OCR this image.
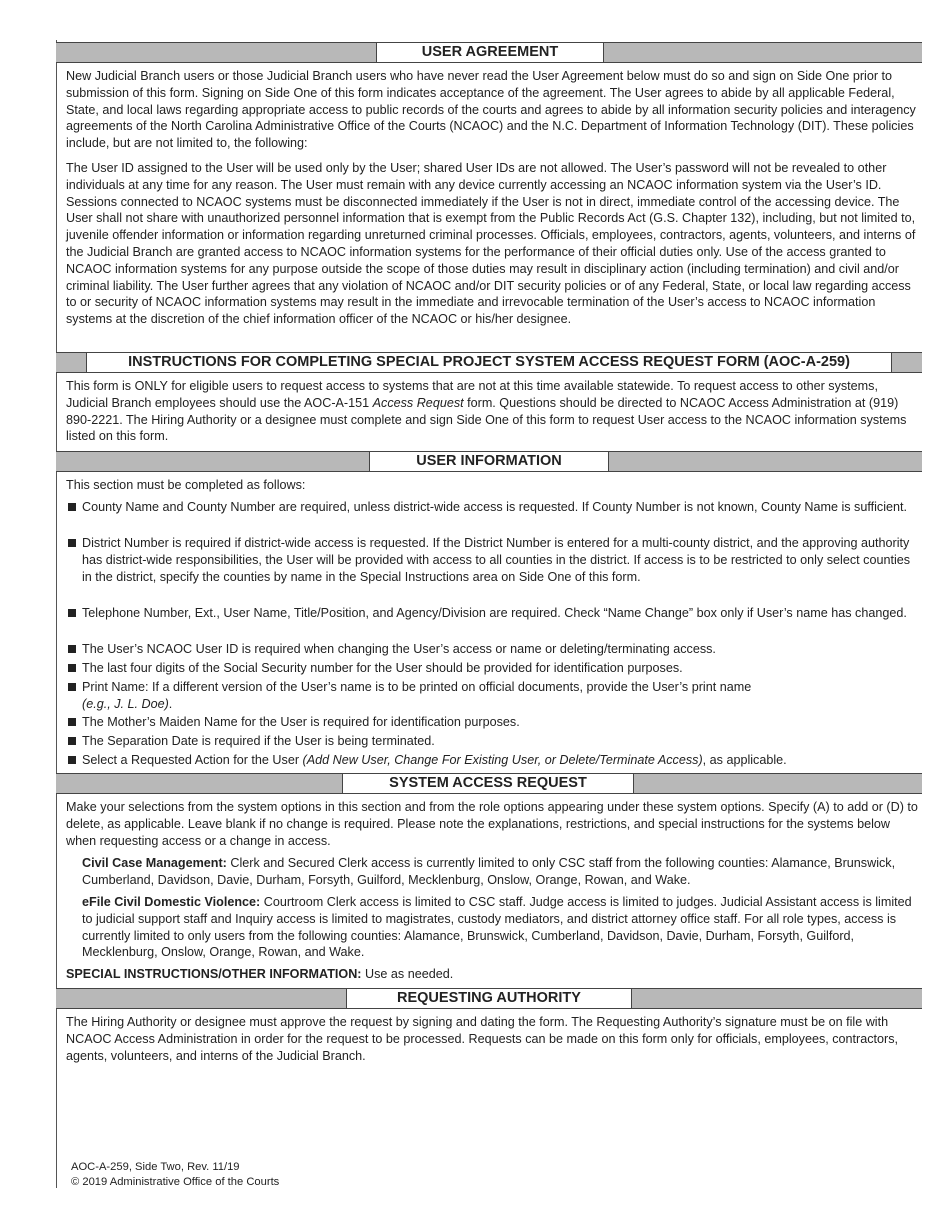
USER AGREEMENT

New Judicial Branch users or those Judicial Branch users who have never read the User Agreement below must do so and sign on Side One prior to submission of this form. Signing on Side One of this form indicates acceptance of the agreement. The User agrees to abide by all applicable Federal, State, and local laws regarding appropriate access to public records of the courts and agrees to abide by all information security policies and interagency agreements of the North Carolina Administrative Office of the Courts (NCAOC) and the N.C. Department of Information Technology (DIT). These policies include, but are not limited to, the following:

The User ID assigned to the User will be used only by the User; shared User IDs are not allowed. The User’s password will not be revealed to other individuals at any time for any reason. The User must remain with any device currently accessing an NCAOC information system via the User’s ID. Sessions connected to NCAOC systems must be disconnected immediately if the User is not in direct, immediate control of the accessing device. The User shall not share with unauthorized personnel information that is exempt from the Public Records Act (G.S. Chapter 132), including, but not limited to, juvenile offender information or information regarding unreturned criminal processes. Officials, employees, contractors, agents, volunteers, and interns of the Judicial Branch are granted access to NCAOC information systems for the performance of their official duties only. Use of the access granted to NCAOC information systems for any purpose outside the scope of those duties may result in disciplinary action (including termination) and civil and/or criminal liability. The User further agrees that any violation of NCAOC and/or DIT security policies or of any Federal, State, or local law regarding access to or security of NCAOC information systems may result in the immediate and irrevocable termination of the User’s access to NCAOC information systems at the discretion of the chief information officer of the NCAOC or his/her designee.

INSTRUCTIONS FOR COMPLETING SPECIAL PROJECT SYSTEM ACCESS REQUEST FORM (AOC-A-259)

This form is ONLY for eligible users to request access to systems that are not at this time available statewide. To request access to other systems, Judicial Branch employees should use the AOC-A-151 Access Request form. Questions should be directed to NCAOC Access Administration at (919) 890-2221. The Hiring Authority or a designee must complete and sign Side One of this form to request User access to the NCAOC information systems listed on this form.

USER INFORMATION

This section must be completed as follows:

County Name and County Number are required, unless district-wide access is requested. If County Number is not known, County Name is sufficient.
District Number is required if district-wide access is requested. If the District Number is entered for a multi-county district, and the approving authority has district-wide responsibilities, the User will be provided with access to all counties in the district. If access is to be restricted to only select counties in the district, specify the counties by name in the Special Instructions area on Side One of this form.
Telephone Number, Ext., User Name, Title/Position, and Agency/Division are required. Check “Name Change” box only if User’s name has changed.
The User’s NCAOC User ID is required when changing the User’s access or name or deleting/terminating access.
The last four digits of the Social Security number for the User should be provided for identification purposes.
Print Name: If a different version of the User’s name is to be printed on official documents, provide the User’s print name
(e.g., J. L. Doe).
The Mother’s Maiden Name for the User is required for identification purposes.
The Separation Date is required if the User is being terminated.
Select a Requested Action for the User (Add New User, Change For Existing User, or Delete/Terminate Access), as applicable.
SYSTEM ACCESS REQUEST

Make your selections from the system options in this section and from the role options appearing under these system options. Specify (A) to add or (D) to delete, as applicable. Leave blank if no change is required. Please note the explanations, restrictions, and special instructions for the systems below when requesting access or a change in access.

Civil Case Management: Clerk and Secured Clerk access is currently limited to only CSC staff from the following counties: Alamance, Brunswick, Cumberland, Davidson, Davie, Durham, Forsyth, Guilford, Mecklenburg, Onslow, Orange, Rowan, and Wake.

eFile Civil Domestic Violence: Courtroom Clerk access is limited to CSC staff. Judge access is limited to judges. Judicial Assistant access is limited to judicial support staff and Inquiry access is limited to magistrates, custody mediators, and district attorney office staff. For all role types, access is currently limited to only users from the following counties: Alamance, Brunswick, Cumberland, Davidson, Davie, Durham, Forsyth, Guilford, Mecklenburg, Onslow, Orange, Rowan, and Wake.

SPECIAL INSTRUCTIONS/OTHER INFORMATION: Use as needed.

REQUESTING AUTHORITY

The Hiring Authority or designee must approve the request by signing and dating the form. The Requesting Authority’s signature must be on file with NCAOC Access Administration in order for the request to be processed. Requests can be made on this form only for officials, employees, contractors, agents, volunteers, and interns of the Judicial Branch.

AOC-A-259, Side Two, Rev. 11/19
© 2019 Administrative Office of the Courts
